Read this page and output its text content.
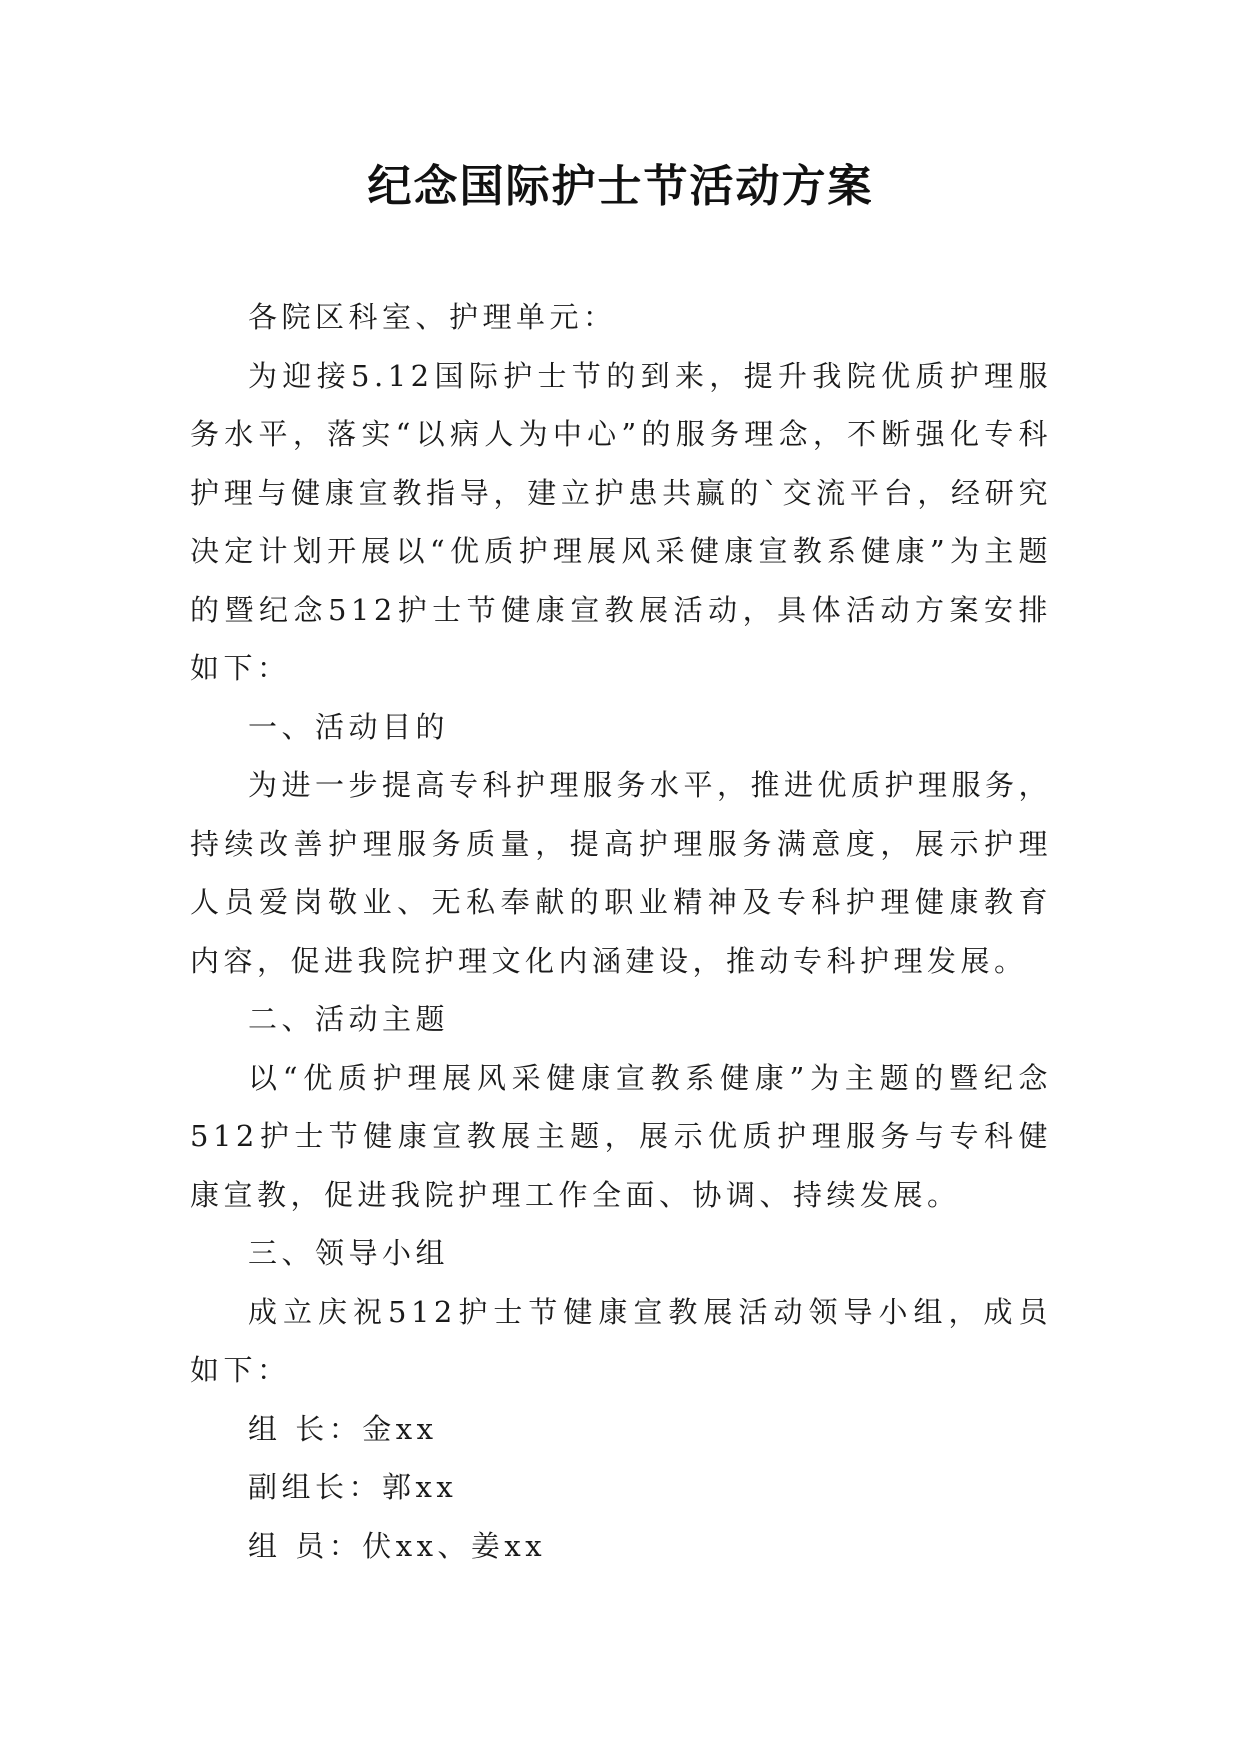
纪念国际护士节活动方案

各院区科室、护理单元：

为迎接5.12国际护士节的到来，提升我院优质护理服务水平，落实“以病人为中心”的服务理念，不断强化专科护理与健康宣教指导，建立护患共赢的`交流平台，经研究决定计划开展以“优质护理展风采健康宣教系健康”为主题的暨纪念512护士节健康宣教展活动，具体活动方案安排如下：

一、活动目的

为进一步提高专科护理服务水平，推进优质护理服务，持续改善护理服务质量，提高护理服务满意度，展示护理人员爱岗敬业、无私奉献的职业精神及专科护理健康教育内容，促进我院护理文化内涵建设，推动专科护理发展。

二、活动主题

以“优质护理展风采健康宣教系健康”为主题的暨纪念512护士节健康宣教展主题，展示优质护理服务与专科健康宣教，促进我院护理工作全面、协调、持续发展。

三、领导小组

成立庆祝512护士节健康宣教展活动领导小组，成员如下：

组 长：金xx

副组长：郭xx

组 员：伏xx、姜xx
